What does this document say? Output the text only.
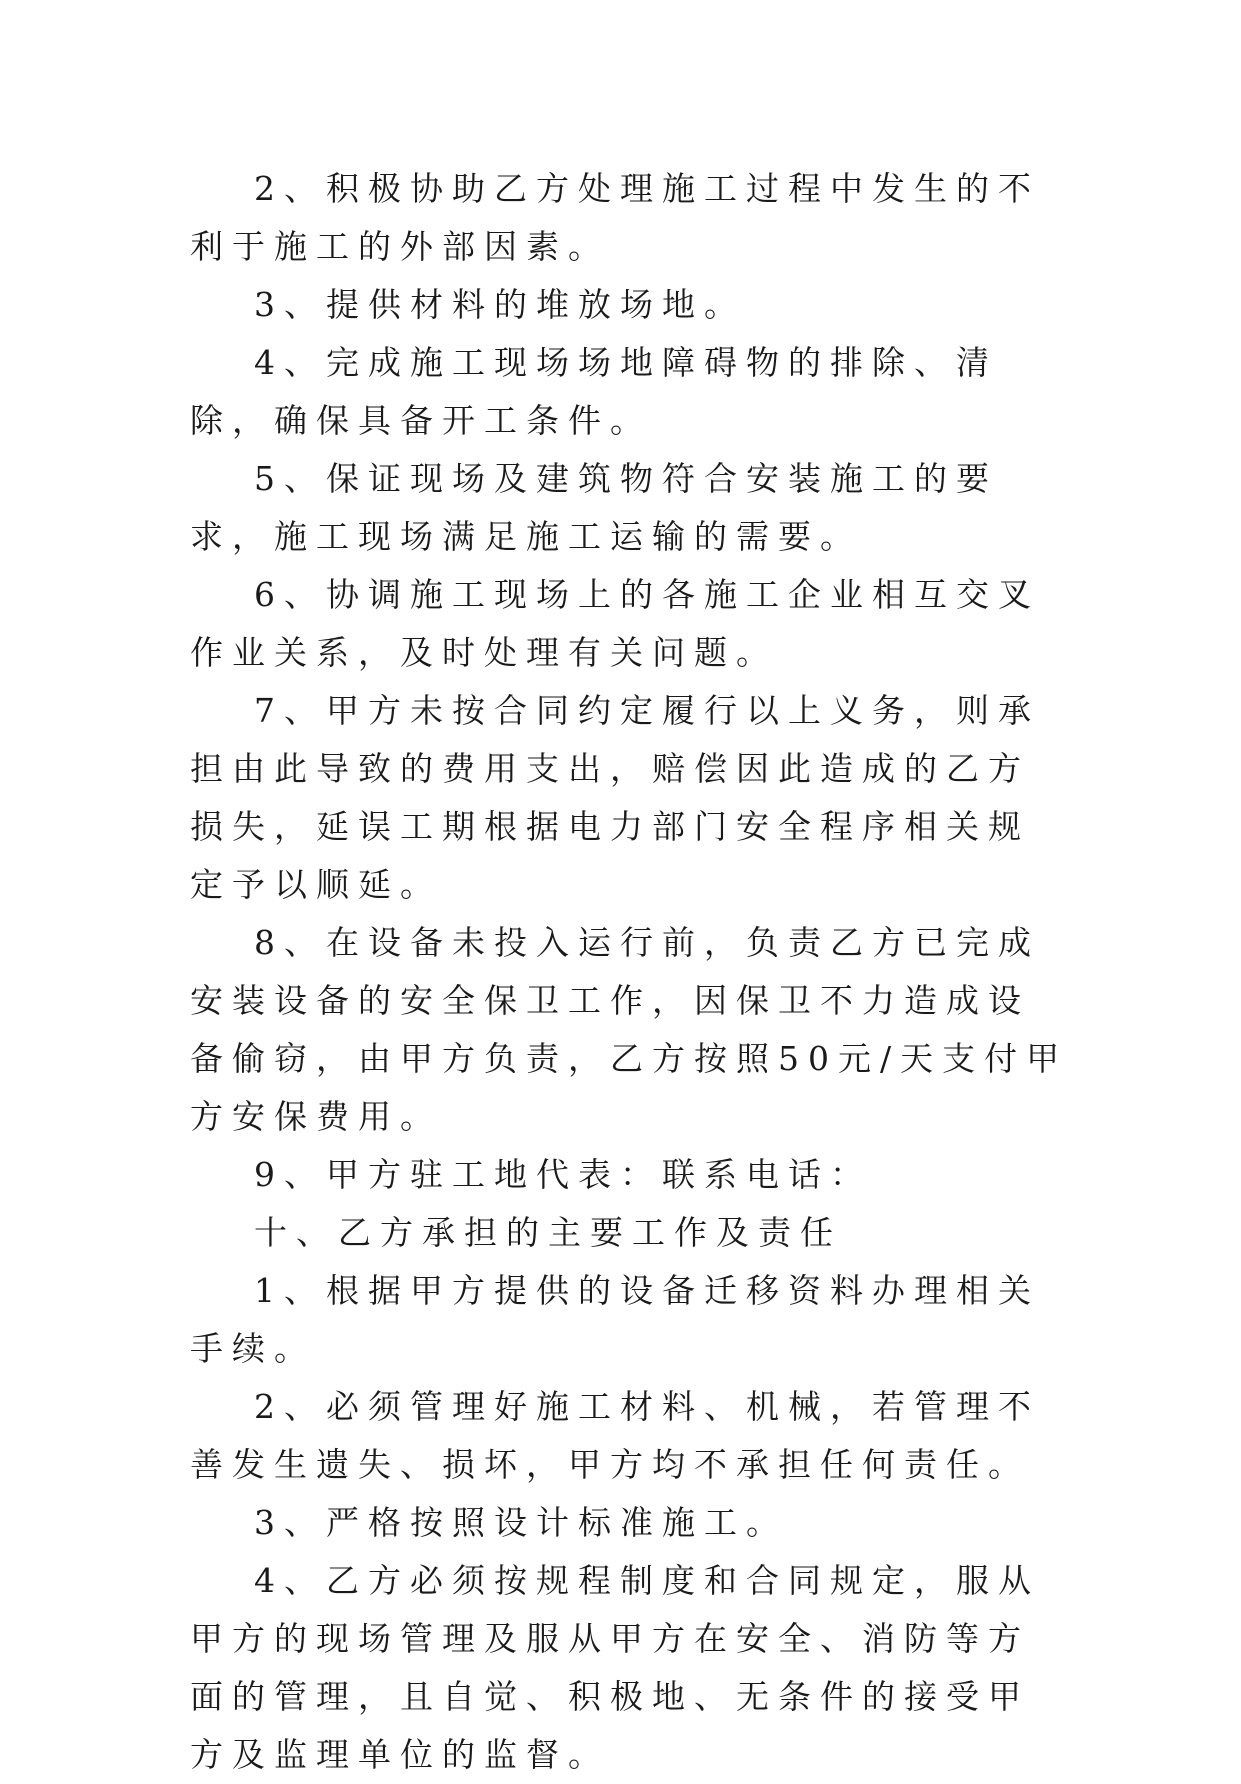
2、积极协助乙方处理施工过程中发生的不利于施工的外部因素。

3、提供材料的堆放场地。

4、完成施工现场场地障碍物的排除、清除，确保具备开工条件。

5、保证现场及建筑物符合安装施工的要求，施工现场满足施工运输的需要。

6、协调施工现场上的各施工企业相互交叉作业关系，及时处理有关问题。

7、甲方未按合同约定履行以上义务，则承担由此导致的费用支出，赔偿因此造成的乙方损失，延误工期根据电力部门安全程序相关规定予以顺延。

8、在设备未投入运行前，负责乙方已完成安装设备的安全保卫工作，因保卫不力造成设备偷窃，由甲方负责，乙方按照50元/天支付甲方安保费用。

9、甲方驻工地代表：联系电话：

十、乙方承担的主要工作及责任

1、根据甲方提供的设备迁移资料办理相关手续。

2、必须管理好施工材料、机械，若管理不善发生遗失、损坏，甲方均不承担任何责任。

3、严格按照设计标准施工。

4、乙方必须按规程制度和合同规定，服从甲方的现场管理及服从甲方在安全、消防等方面的管理，且自觉、积极地、无条件的接受甲方及监理单位的监督。
